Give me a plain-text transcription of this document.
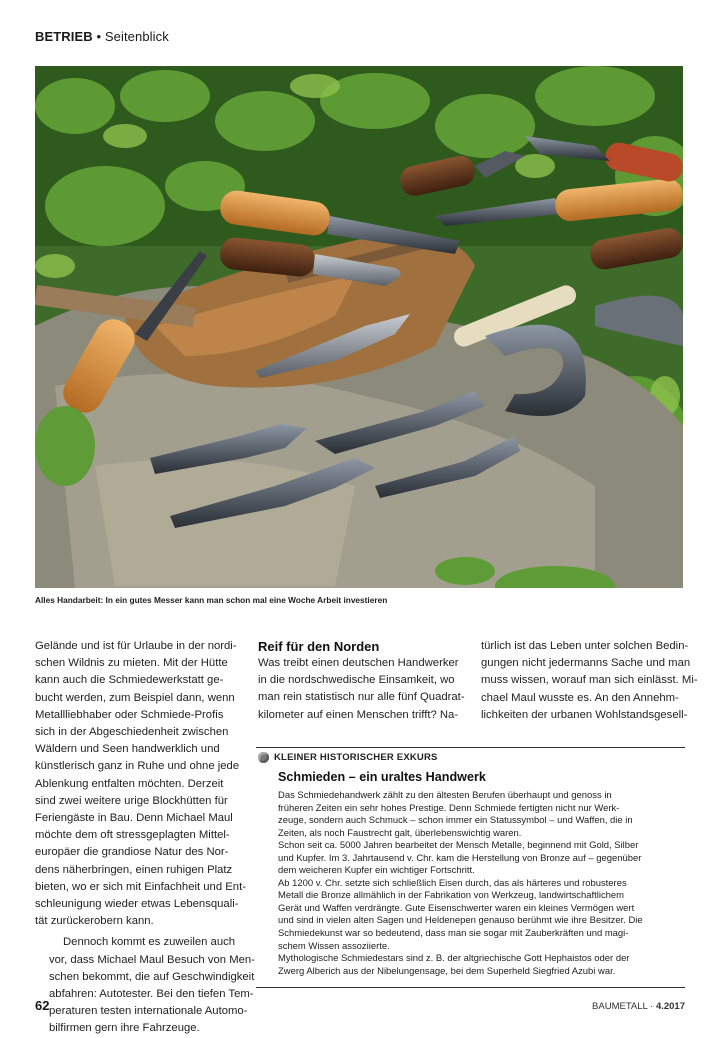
BETRIEB • Seitenblick
Alles Handarbeit: In ein gutes Messer kann man schon mal eine Woche Arbeit investieren

Gelände und ist für Urlaube in der nordi-
schen Wildnis zu mieten. Mit der Hütte
kann auch die Schmiedewerkstatt ge-
bucht werden, zum Beispiel dann, wenn
Metallliebhaber oder Schmiede-Profis
sich in der Abgeschiedenheit zwischen
Wäldern und Seen handwerklich und
künstlerisch ganz in Ruhe und ohne jede
Ablenkung entfalten möchten. Derzeit
sind zwei weitere urige Blockhütten für
Feriengäste in Bau. Denn Michael Maul
möchte dem oft stressgeplagten Mittel-
europäer die grandiose Natur des Nor-
dens näherbringen, einen ruhigen Platz
bieten, wo er sich mit Einfachheit und Ent-
schleunigung wieder etwas Lebensquali-
tät zurückerobern kann.

Dennoch kommt es zuweilen auch
vor, dass Michael Maul Besuch von Men-
schen bekommt, die auf Geschwindigkeit
abfahren: Autotester. Bei den tiefen Tem-
peraturen testen internationale Automo-
bilfirmen gern ihre Fahrzeuge.

Reif für den Norden

Was treibt einen deutschen Handwerker
in die nordschwedische Einsamkeit, wo
man rein statistisch nur alle fünf Quadrat-
kilometer auf einen Menschen trifft? Na-

türlich ist das Leben unter solchen Bedin-
gungen nicht jedermanns Sache und man
muss wissen, worauf man sich einlässt. Mi-
chael Maul wusste es. An den Annehm-
lichkeiten der urbanen Wohlstandsgesell-

KLEINER HISTORISCHER EXKURS
Schmieden – ein uraltes Handwerk
Das Schmiedehandwerk zählt zu den ältesten Berufen überhaupt und genoss in
früheren Zeiten ein sehr hohes Prestige. Denn Schmiede fertigten nicht nur Werk-
zeuge, sondern auch Schmuck – schon immer ein Statussymbol – und Waffen, die in
Zeiten, als noch Faustrecht galt, überlebenswichtig waren.
Schon seit ca. 5000 Jahren bearbeitet der Mensch Metalle, beginnend mit Gold, Silber
und Kupfer. Im 3. Jahrtausend v. Chr. kam die Herstellung von Bronze auf – gegenüber
dem weicheren Kupfer ein wichtiger Fortschritt.
Ab 1200 v. Chr. setzte sich schließlich Eisen durch, das als härteres und robusteres
Metall die Bronze allmählich in der Fabrikation von Werkzeug, landwirtschaftlichem
Gerät und Waffen verdrängte. Gute Eisenschwerter waren ein kleines Vermögen wert
und sind in vielen alten Sagen und Heldenepen genauso berühmt wie ihre Besitzer. Die
Schmiedekunst war so bedeutend, dass man sie sogar mit Zauberkräften und magi-
schem Wissen assoziierte.
Mythologische Schmiedestars sind z. B. der altgriechische Gott Hephaistos oder der
Zwerg Alberich aus der Nibelungensage, bei dem Superheld Siegfried Azubi war.
62	BAUMETALL · 4.2017
